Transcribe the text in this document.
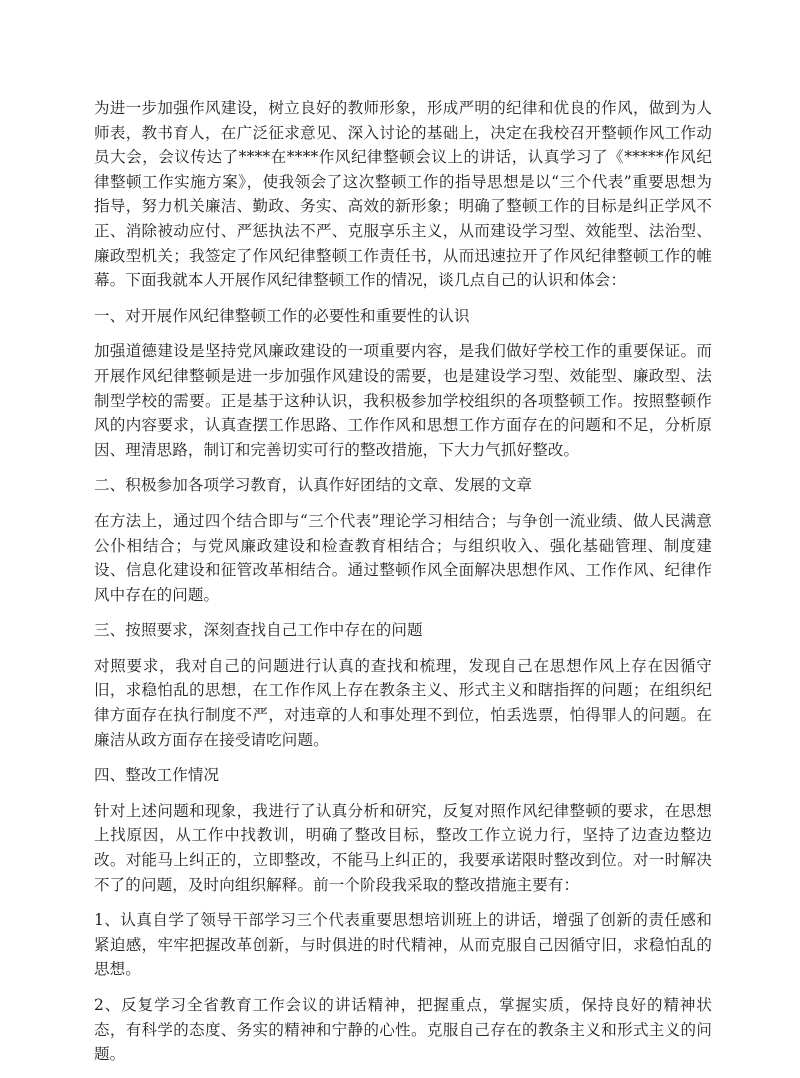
为进一步加强作风建设，树立良好的教师形象，形成严明的纪律和优良的作风，做到为人师表，教书育人，在广泛征求意见、深入讨论的基础上，决定在我校召开整顿作风工作动员大会，会议传达了****在****作风纪律整顿会议上的讲话，认真学习了《*****作风纪律整顿工作实施方案》，使我领会了这次整顿工作的指导思想是以“三个代表”重要思想为指导，努力机关廉洁、勤政、务实、高效的新形象；明确了整顿工作的目标是纠正学风不正、消除被动应付、严惩执法不严、克服享乐主义，从而建设学习型、效能型、法治型、廉政型机关；我签定了作风纪律整顿工作责任书，从而迅速拉开了作风纪律整顿工作的帷幕。下面我就本人开展作风纪律整顿工作的情况，谈几点自己的认识和体会：

一、对开展作风纪律整顿工作的必要性和重要性的认识

加强道德建设是坚持党风廉政建设的一项重要内容，是我们做好学校工作的重要保证。而开展作风纪律整顿是进一步加强作风建设的需要，也是建设学习型、效能型、廉政型、法制型学校的需要。正是基于这种认识，我积极参加学校组织的各项整顿工作。按照整顿作风的内容要求，认真查摆工作思路、工作作风和思想工作方面存在的问题和不足，分析原因、理清思路，制订和完善切实可行的整改措施，下大力气抓好整改。

二、积极参加各项学习教育，认真作好团结的文章、发展的文章

在方法上，通过四个结合即与“三个代表”理论学习相结合；与争创一流业绩、做人民满意公仆相结合；与党风廉政建设和检查教育相结合；与组织收入、强化基础管理、制度建设、信息化建设和征管改革相结合。通过整顿作风全面解决思想作风、工作作风、纪律作风中存在的问题。

三、按照要求，深刻查找自己工作中存在的问题

对照要求，我对自己的问题进行认真的查找和梳理，发现自己在思想作风上存在因循守旧，求稳怕乱的思想，在工作作风上存在教条主义、形式主义和瞎指挥的问题；在组织纪律方面存在执行制度不严，对违章的人和事处理不到位，怕丢选票，怕得罪人的问题。在廉洁从政方面存在接受请吃问题。

四、整改工作情况

针对上述问题和现象，我进行了认真分析和研究，反复对照作风纪律整顿的要求，在思想上找原因，从工作中找教训，明确了整改目标，整改工作立说力行，坚持了边查边整边改。对能马上纠正的，立即整改，不能马上纠正的，我要承诺限时整改到位。对一时解决不了的问题，及时向组织解释。前一个阶段我采取的整改措施主要有：

1、认真自学了领导干部学习三个代表重要思想培训班上的讲话，增强了创新的责任感和紧迫感，牢牢把握改革创新，与时俱进的时代精神，从而克服自己因循守旧，求稳怕乱的思想。

2、反复学习全省教育工作会议的讲话精神，把握重点，掌握实质，保持良好的精神状态，有科学的态度、务实的精神和宁静的心性。克服自己存在的教条主义和形式主义的问题。
